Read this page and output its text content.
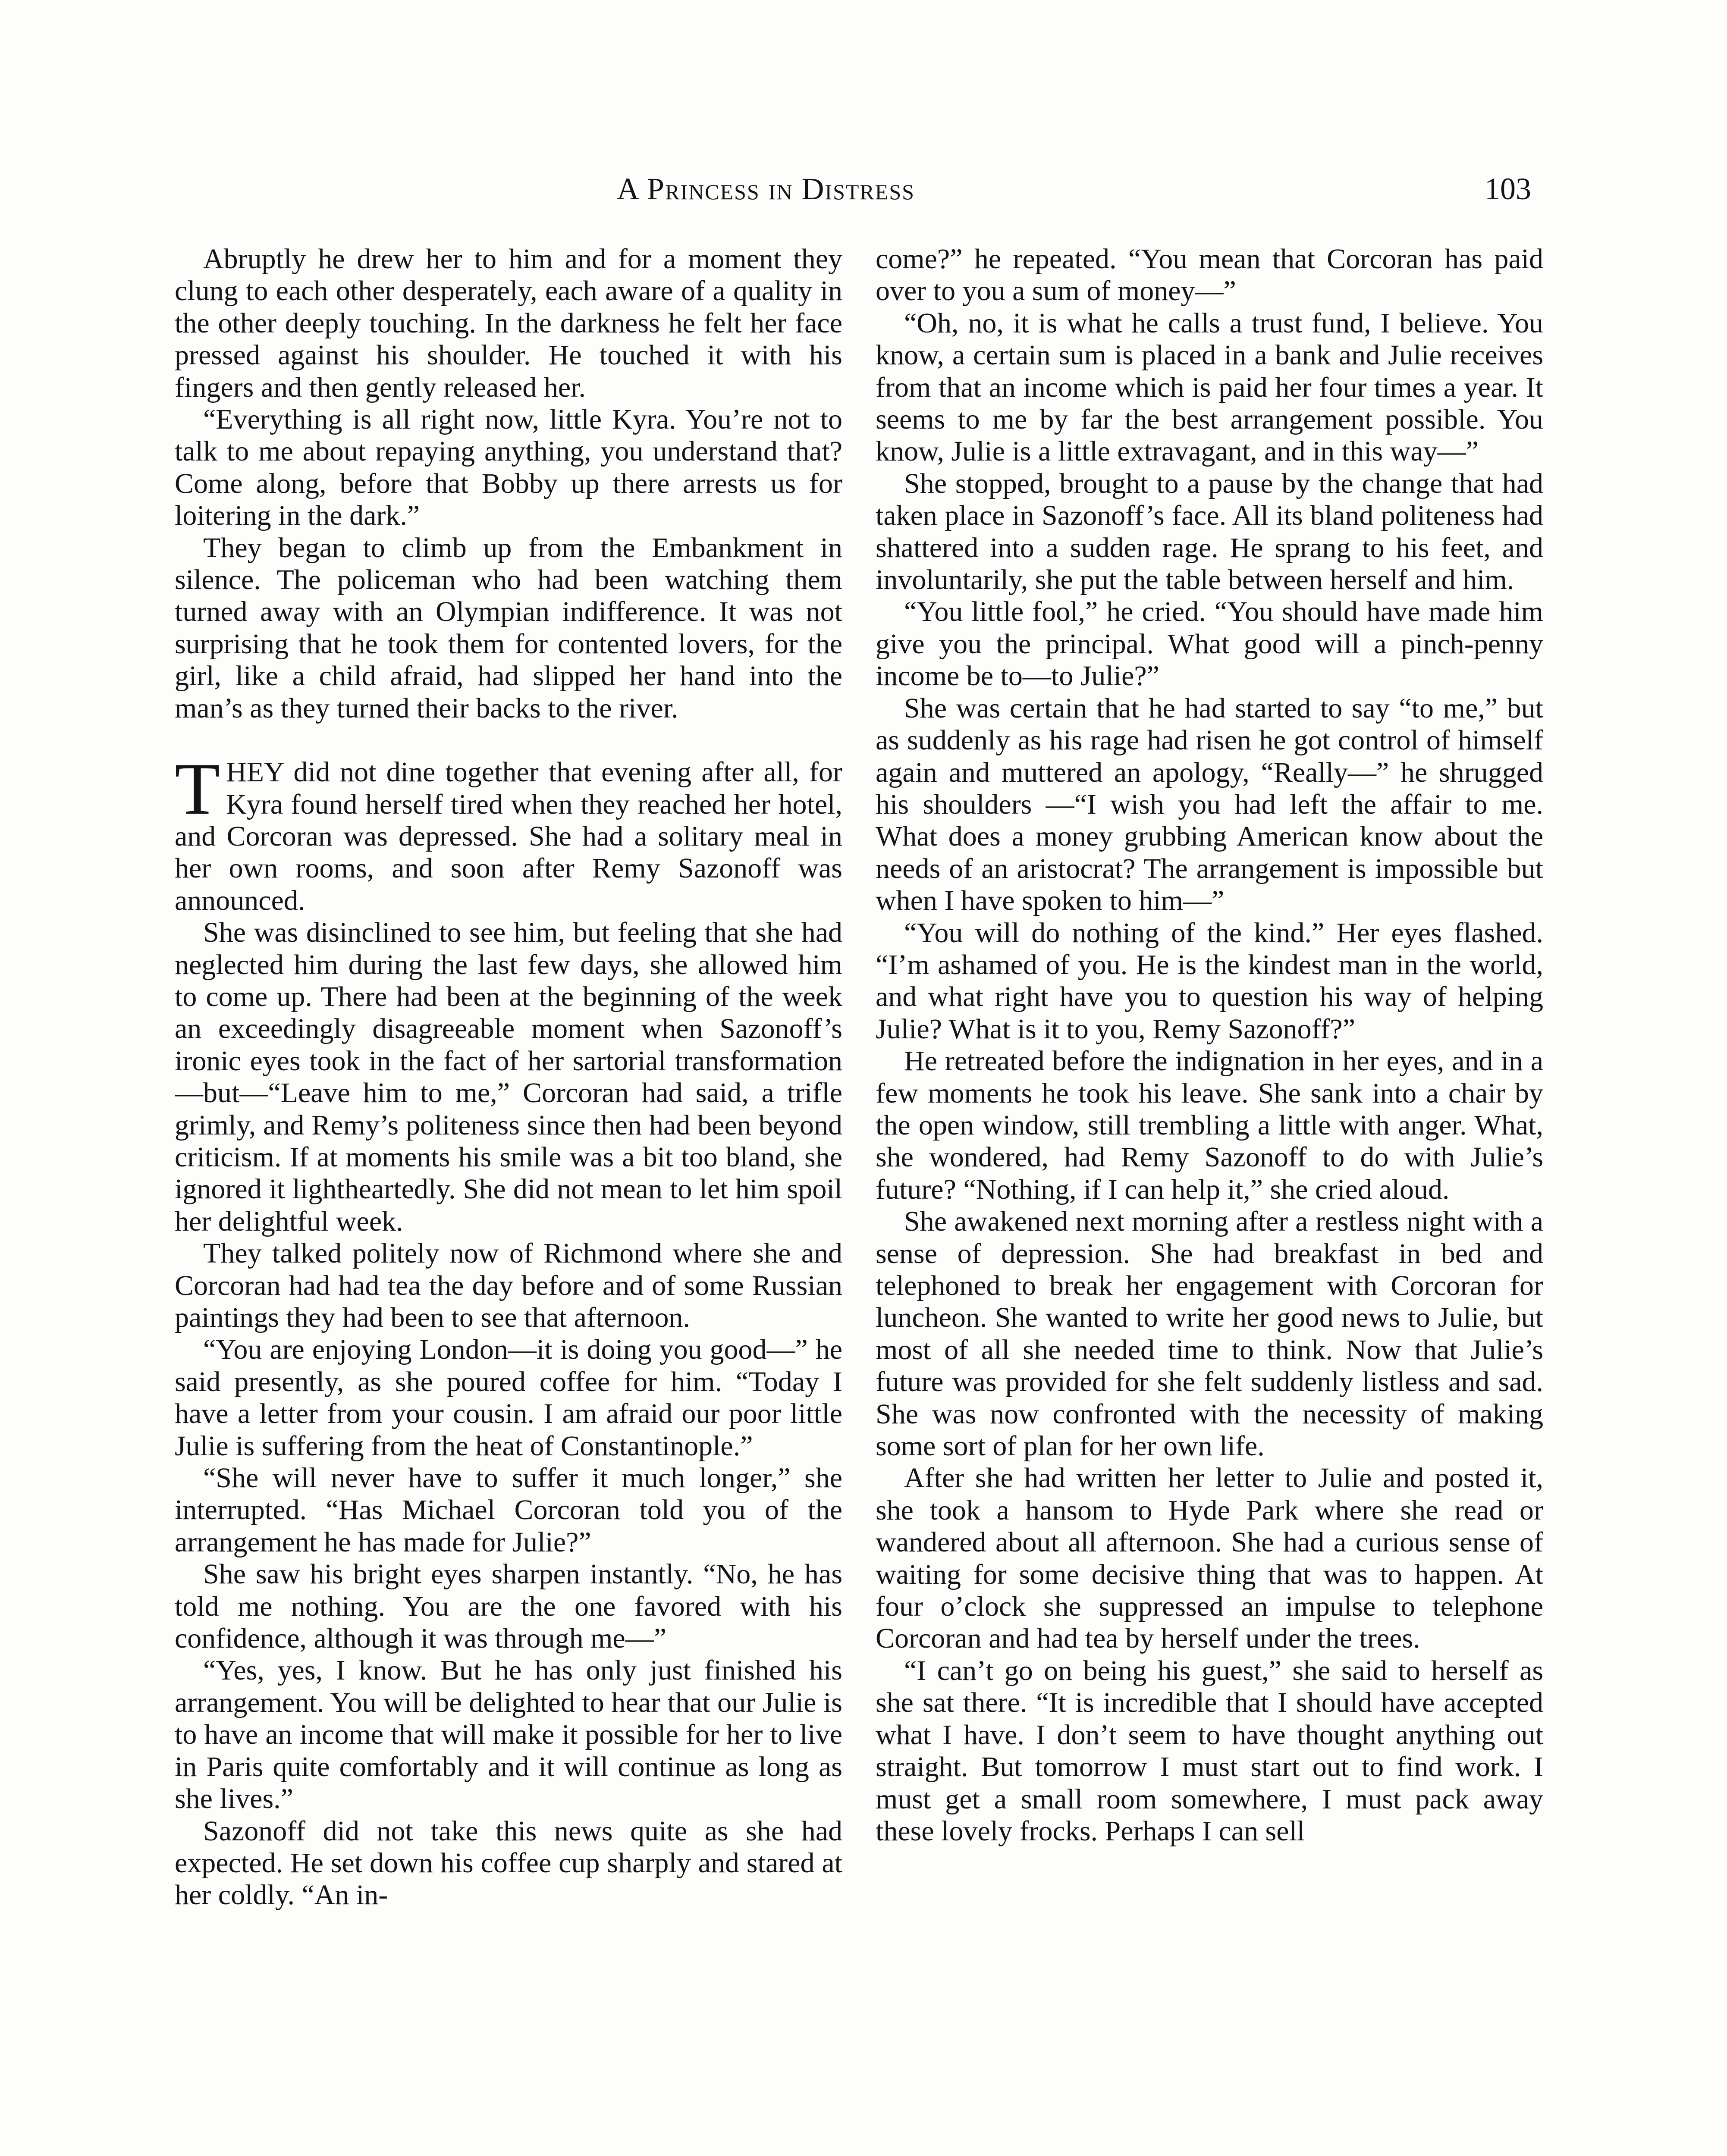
A Princess in Distress	103

Abruptly he drew her to him and for a moment they clung to each other desperately, each aware of a quality in the other deeply touching. In the darkness he felt her face pressed against his shoulder. He touched it with his fingers and then gently released her.

“Everything is all right now, little Kyra. You’re not to talk to me about repaying anything, you understand that? Come along, before that Bobby up there arrests us for loitering in the dark.”

They began to climb up from the Embankment in silence. The policeman who had been watching them turned away with an Olympian indifference. It was not surprising that he took them for contented lovers, for the girl, like a child afraid, had slipped her hand into the man’s as they turned their backs to the river.

THEY did not dine together that evening after all, for Kyra found herself tired when they reached her hotel, and Corcoran was depressed. She had a solitary meal in her own rooms, and soon after Remy Sazonoff was announced.

She was disinclined to see him, but feeling that she had neglected him during the last few days, she allowed him to come up. There had been at the beginning of the week an exceedingly disagreeable moment when Sazonoff’s ironic eyes took in the fact of her sartorial transformation—but—“Leave him to me,” Corcoran had said, a trifle grimly, and Remy’s politeness since then had been beyond criticism. If at moments his smile was a bit too bland, she ignored it lightheartedly. She did not mean to let him spoil her delightful week.

They talked politely now of Richmond where she and Corcoran had had tea the day before and of some Russian paintings they had been to see that afternoon.

“You are enjoying London—it is doing you good—” he said presently, as she poured coffee for him. “Today I have a letter from your cousin. I am afraid our poor little Julie is suffering from the heat of Constantinople.”

“She will never have to suffer it much longer,” she interrupted. “Has Michael Corcoran told you of the arrangement he has made for Julie?”

She saw his bright eyes sharpen instantly. “No, he has told me nothing. You are the one favored with his confidence, although it was through me—”

“Yes, yes, I know. But he has only just finished his arrangement. You will be delighted to hear that our Julie is to have an income that will make it possible for her to live in Paris quite comfortably and it will continue as long as she lives.”

Sazonoff did not take this news quite as she had expected. He set down his coffee cup sharply and stared at her coldly. “An in-

come?” he repeated. “You mean that Corcoran has paid over to you a sum of money—”

“Oh, no, it is what he calls a trust fund, I believe. You know, a certain sum is placed in a bank and Julie receives from that an income which is paid her four times a year. It seems to me by far the best arrangement possible. You know, Julie is a little extravagant, and in this way—”

She stopped, brought to a pause by the change that had taken place in Sazonoff’s face. All its bland politeness had shattered into a sudden rage. He sprang to his feet, and involuntarily, she put the table between herself and him.

“You little fool,” he cried. “You should have made him give you the principal. What good will a pinch-penny income be to—to Julie?”

She was certain that he had started to say “to me,” but as suddenly as his rage had risen he got control of himself again and muttered an apology, “Really—” he shrugged his shoulders —“I wish you had left the affair to me. What does a money grubbing American know about the needs of an aristocrat? The arrangement is impossible but when I have spoken to him—”

“You will do nothing of the kind.” Her eyes flashed. “I’m ashamed of you. He is the kindest man in the world, and what right have you to question his way of helping Julie? What is it to you, Remy Sazonoff?”

He retreated before the indignation in her eyes, and in a few moments he took his leave. She sank into a chair by the open window, still trembling a little with anger. What, she wondered, had Remy Sazonoff to do with Julie’s future? “Nothing, if I can help it,” she cried aloud.

She awakened next morning after a restless night with a sense of depression. She had breakfast in bed and telephoned to break her engagement with Corcoran for luncheon. She wanted to write her good news to Julie, but most of all she needed time to think. Now that Julie’s future was provided for she felt suddenly listless and sad. She was now confronted with the necessity of making some sort of plan for her own life.

After she had written her letter to Julie and posted it, she took a hansom to Hyde Park where she read or wandered about all afternoon. She had a curious sense of waiting for some decisive thing that was to happen. At four o’clock she suppressed an impulse to telephone Corcoran and had tea by herself under the trees.

“I can’t go on being his guest,” she said to herself as she sat there. “It is incredible that I should have accepted what I have. I don’t seem to have thought anything out straight. But tomorrow I must start out to find work. I must get a small room somewhere, I must pack away these lovely frocks. Perhaps I can sell
